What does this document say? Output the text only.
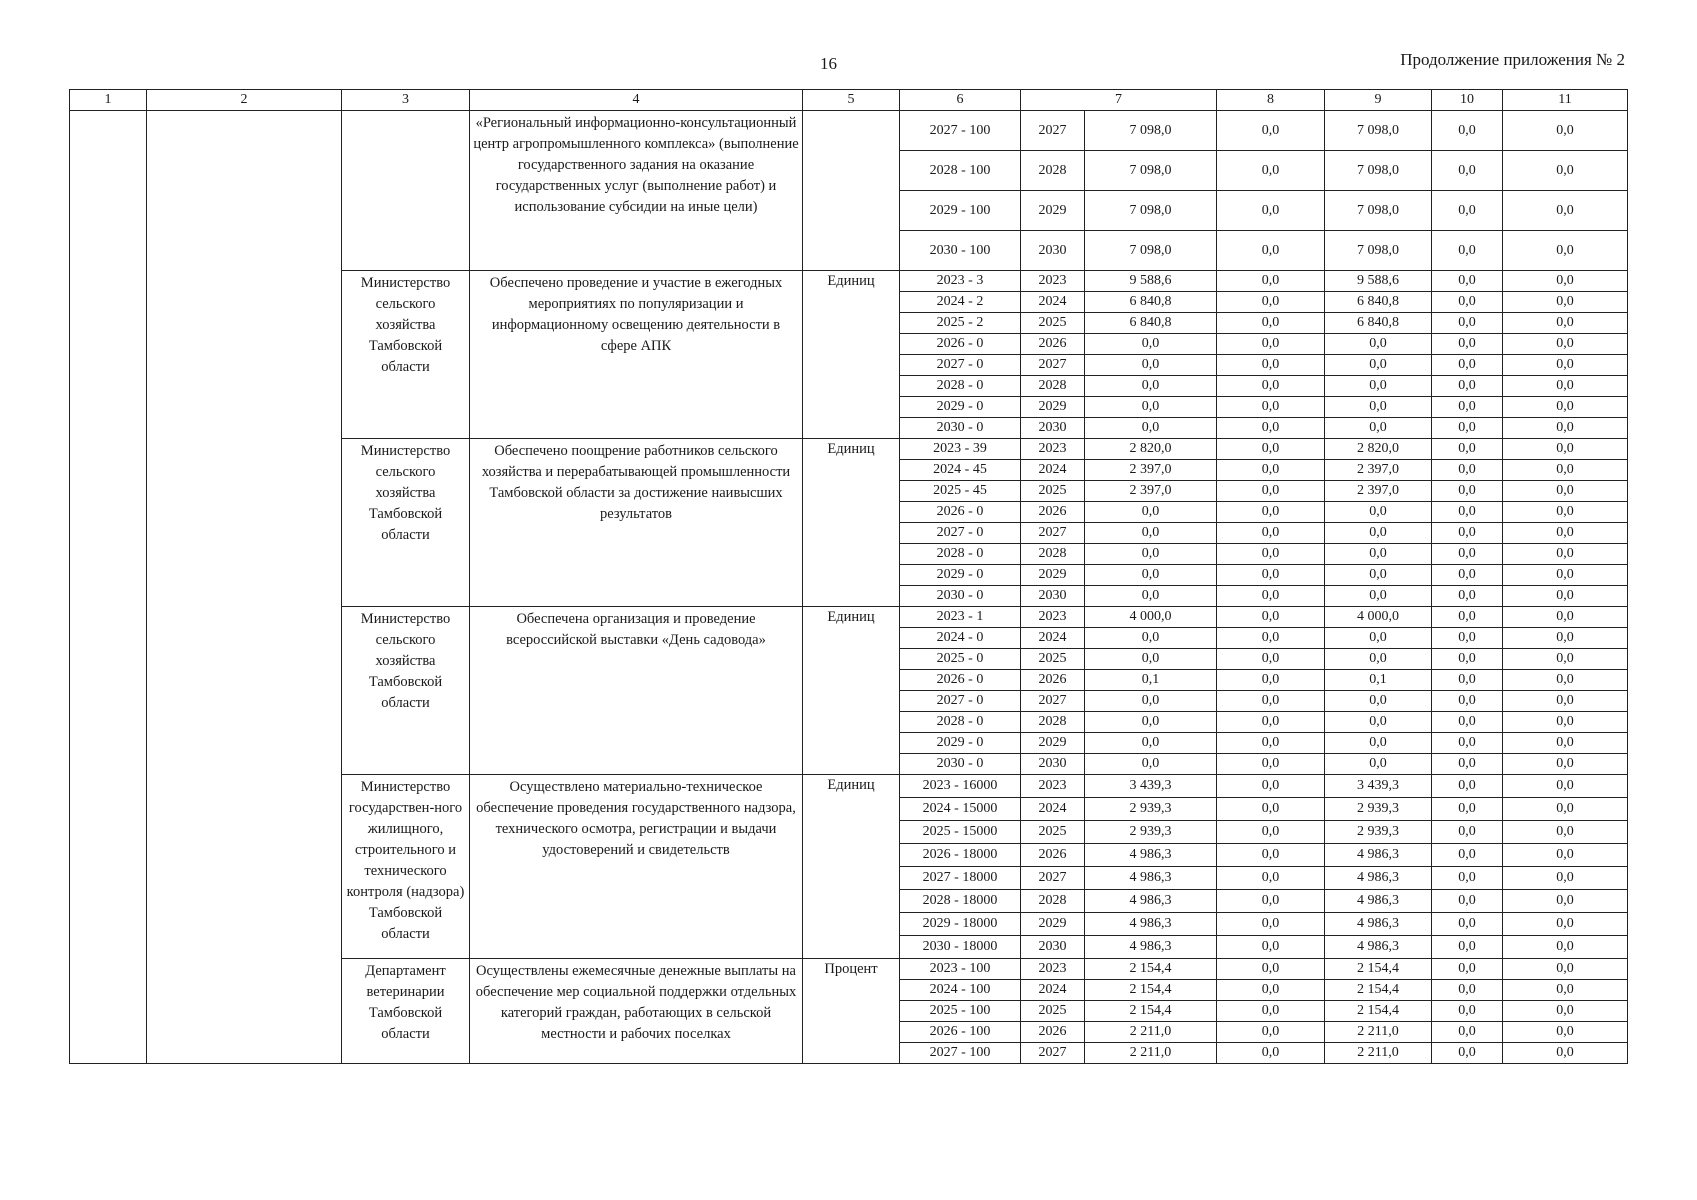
16	Продолжение приложения № 2
1	2	3	4	5	6	7		8	9	10	11
			«Региональный информационно-консультационный центр агропромышленного комплекса» (выполнение государственного задания на оказание государственных услуг (выполнение работ) и использование субсидии на иные цели)		2027 - 100	2027	7 098,0	0,0	7 098,0	0,0	0,0
					2028 - 100	2028	7 098,0	0,0	7 098,0	0,0	0,0
					2029 - 100	2029	7 098,0	0,0	7 098,0	0,0	0,0
					2030 - 100	2030	7 098,0	0,0	7 098,0	0,0	0,0
		Министерство сельского хозяйства Тамбовской области	Обеспечено проведение и участие в ежегодных мероприятиях по популяризации и информационному освещению деятельности в сфере АПК	Единиц	2023 - 3	2023	9 588,6	0,0	9 588,6	0,0	0,0
					2024 - 2	2024	6 840,8	0,0	6 840,8	0,0	0,0
					2025 - 2	2025	6 840,8	0,0	6 840,8	0,0	0,0
					2026 - 0	2026	0,0	0,0	0,0	0,0	0,0
					2027 - 0	2027	0,0	0,0	0,0	0,0	0,0
					2028 - 0	2028	0,0	0,0	0,0	0,0	0,0
					2029 - 0	2029	0,0	0,0	0,0	0,0	0,0
					2030 - 0	2030	0,0	0,0	0,0	0,0	0,0
		Министерство сельского хозяйства Тамбовской области	Обеспечено поощрение работников сельского хозяйства и перерабатывающей промышленности Тамбовской области за достижение наивысших результатов	Единиц	2023 - 39	2023	2 820,0	0,0	2 820,0	0,0	0,0
					2024 - 45	2024	2 397,0	0,0	2 397,0	0,0	0,0
					2025 - 45	2025	2 397,0	0,0	2 397,0	0,0	0,0
					2026 - 0	2026	0,0	0,0	0,0	0,0	0,0
					2027 - 0	2027	0,0	0,0	0,0	0,0	0,0
					2028 - 0	2028	0,0	0,0	0,0	0,0	0,0
					2029 - 0	2029	0,0	0,0	0,0	0,0	0,0
					2030 - 0	2030	0,0	0,0	0,0	0,0	0,0
		Министерство сельского хозяйства Тамбовской области	Обеспечена организация и проведение всероссийской выставки «День садовода»	Единиц	2023 - 1	2023	4 000,0	0,0	4 000,0	0,0	0,0
					2024 - 0	2024	0,0	0,0	0,0	0,0	0,0
					2025 - 0	2025	0,0	0,0	0,0	0,0	0,0
					2026 - 0	2026	0,1	0,0	0,1	0,0	0,0
					2027 - 0	2027	0,0	0,0	0,0	0,0	0,0
					2028 - 0	2028	0,0	0,0	0,0	0,0	0,0
					2029 - 0	2029	0,0	0,0	0,0	0,0	0,0
					2030 - 0	2030	0,0	0,0	0,0	0,0	0,0
		Министерство государствен-ного жилищного, строительного и технического контроля (надзора) Тамбовской области	Осуществлено материально-техническое обеспечение проведения государственного надзора, технического осмотра, регистрации и выдачи удостоверений и свидетельств	Единиц	2023 - 16000	2023	3 439,3	0,0	3 439,3	0,0	0,0
					2024 - 15000	2024	2 939,3	0,0	2 939,3	0,0	0,0
					2025 - 15000	2025	2 939,3	0,0	2 939,3	0,0	0,0
					2026 - 18000	2026	4 986,3	0,0	4 986,3	0,0	0,0
					2027 - 18000	2027	4 986,3	0,0	4 986,3	0,0	0,0
					2028 - 18000	2028	4 986,3	0,0	4 986,3	0,0	0,0
					2029 - 18000	2029	4 986,3	0,0	4 986,3	0,0	0,0
					2030 - 18000	2030	4 986,3	0,0	4 986,3	0,0	0,0
		Департамент ветеринарии Тамбовской области	Осуществлены ежемесячные денежные выплаты на обеспечение мер социальной поддержки отдельных категорий граждан, работающих в сельской местности и рабочих поселках	Процент	2023 - 100	2023	2 154,4	0,0	2 154,4	0,0	0,0
					2024 - 100	2024	2 154,4	0,0	2 154,4	0,0	0,0
					2025 - 100	2025	2 154,4	0,0	2 154,4	0,0	0,0
					2026 - 100	2026	2 211,0	0,0	2 211,0	0,0	0,0
					2027 - 100	2027	2 211,0	0,0	2 211,0	0,0	0,0
